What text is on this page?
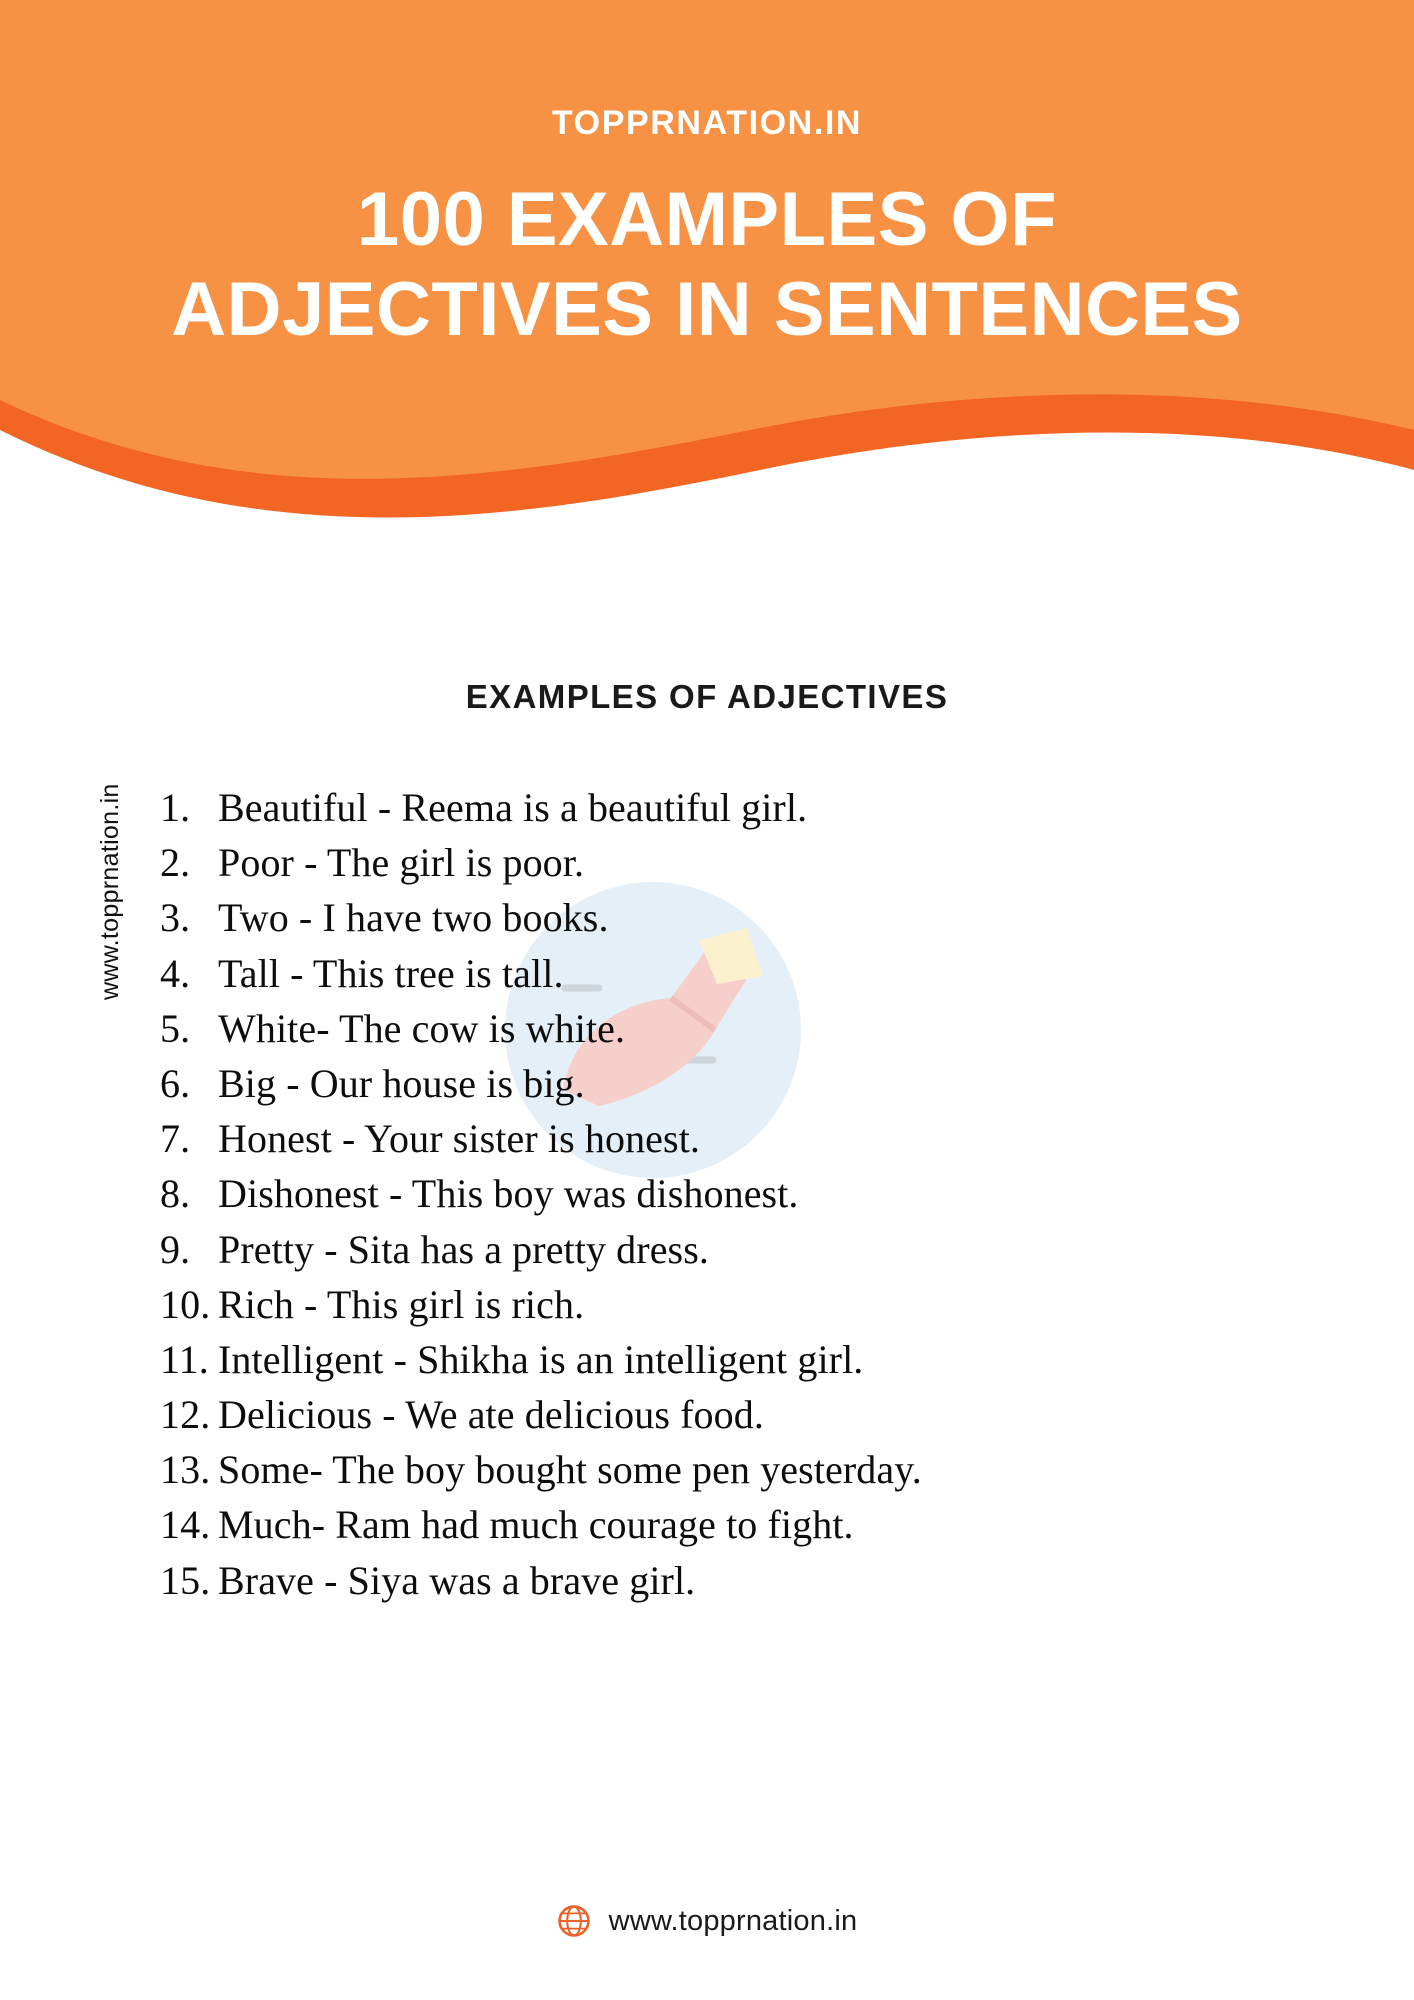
TOPPRNATION.IN
100 EXAMPLES OF
ADJECTIVES IN SENTENCES
EXAMPLES OF ADJECTIVES
www.topprnation.in 1. Beautiful - Reema is a beautiful girl.
2. Poor - The girl is poor.
3. Two - I have two books.
4. Tall - This tree is tall.
5. White- The cow is white.
6. Big - Our house is big.
7. Honest - Your sister is honest.
8. Dishonest - This boy was dishonest.
9. Pretty - Sita has a pretty dress.
10. Rich - This girl is rich.
11. Intelligent - Shikha is an intelligent girl.
12. Delicious - We ate delicious food.
13. Some- The boy bought some pen yesterday.
14. Much- Ram had much courage to fight.
15. Brave - Siya was a brave girl.
www.topprnation.in
